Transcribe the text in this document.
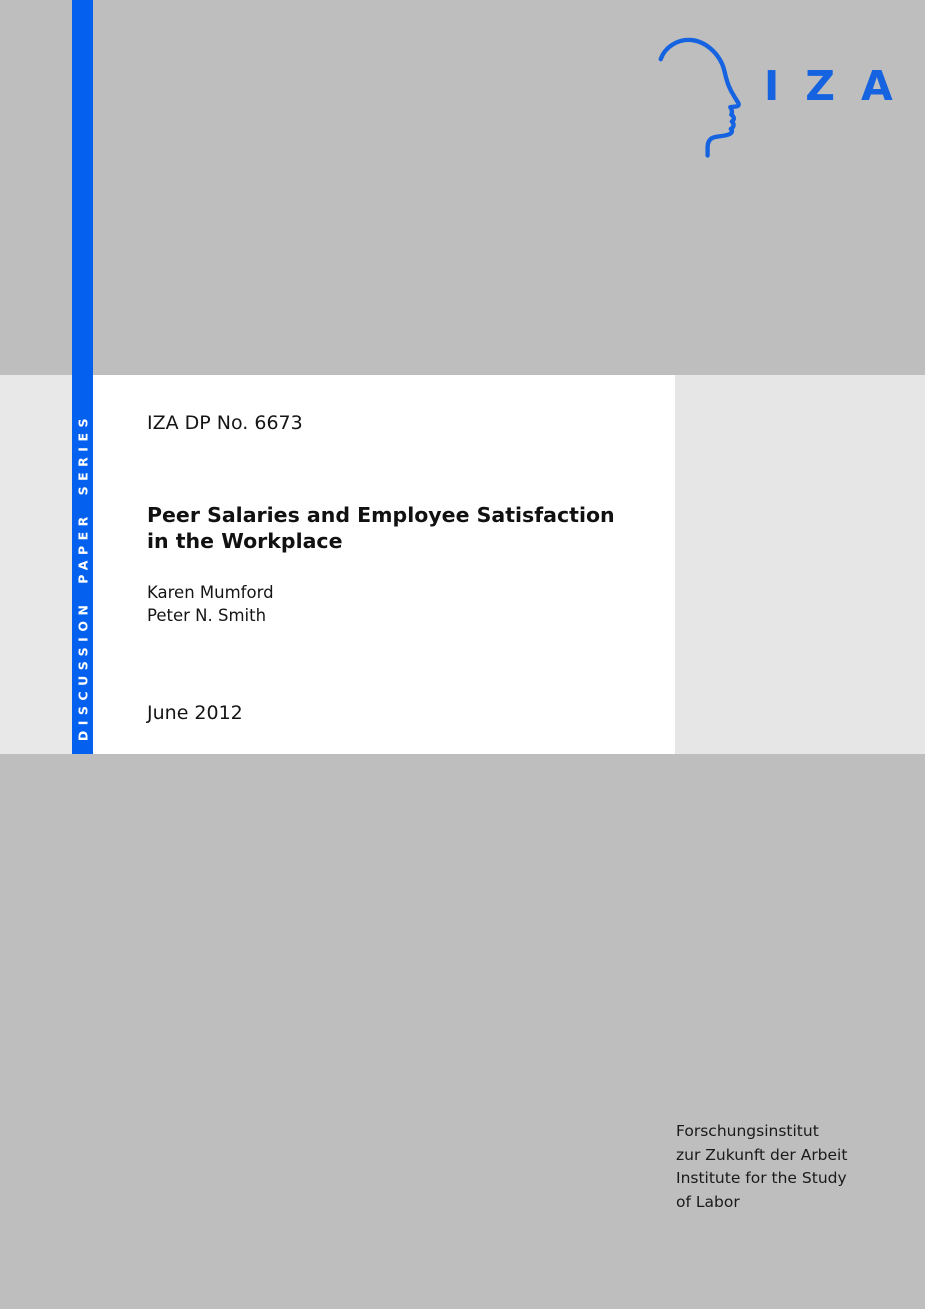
DISCUSSION PAPER SERIES
IZA
IZA DP No. 6673
Peer Salaries and Employee Satisfaction
in the Workplace
Karen Mumford
Peter N. Smith
June 2012
Forschungsinstitut
zur Zukunft der Arbeit
Institute for the Study
of Labor
